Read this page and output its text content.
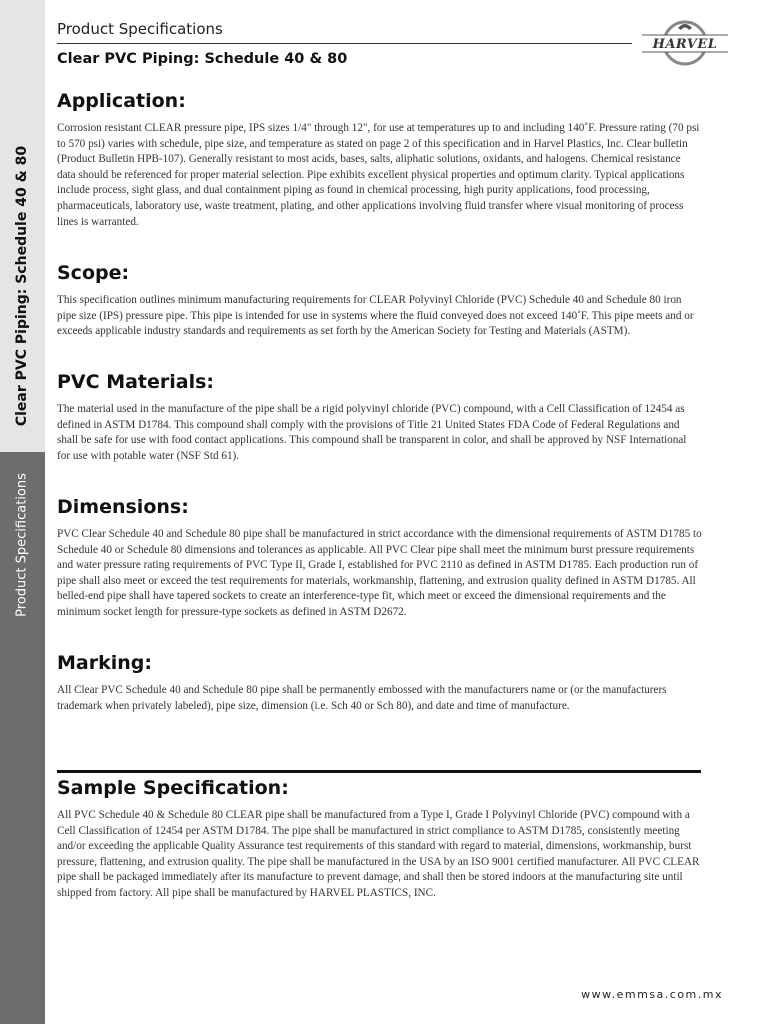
Clear PVC Piping: Schedule 40 & 80
Product Specifications
Product Specifications
Clear PVC Piping: Schedule 40 & 80
HARVEL
Application:

Corrosion resistant CLEAR pressure pipe, IPS sizes 1/4" through 12", for use at temperatures up to and including 140˚F. Pressure rating (70 psi to 570 psi) varies with schedule, pipe size, and temperature as stated on page 2 of this specification and in Harvel Plastics, Inc. Clear bulletin (Product Bulletin HPB-107). Generally resistant to most acids, bases, salts, aliphatic solutions, oxidants, and halogens. Chemical resistance data should be referenced for proper material selection. Pipe exhibits excellent physical properties and optimum clarity. Typical applications include process, sight glass, and dual containment piping as found in chemical processing, high purity applications, food processing, pharmaceuticals, laboratory use, waste treatment, plating, and other applications involving fluid transfer where visual monitoring of process lines is warranted.

Scope:

This specification outlines minimum manufacturing requirements for CLEAR Polyvinyl Chloride (PVC) Schedule 40 and Schedule 80 iron pipe size (IPS) pressure pipe. This pipe is intended for use in systems where the fluid conveyed does not exceed 140˚F. This pipe meets and or exceeds applicable industry standards and requirements as set forth by the American Society for Testing and Materials (ASTM).

PVC Materials:

The material used in the manufacture of the pipe shall be a rigid polyvinyl chloride (PVC) compound, with a Cell Classification of 12454 as defined in ASTM D1784. This compound shall comply with the provisions of Title 21 United States FDA Code of Federal Regulations and shall be safe for use with food contact applications. This compound shall be transparent in color, and shall be approved by NSF International for use with potable water (NSF Std 61).

Dimensions:

PVC Clear Schedule 40 and Schedule 80 pipe shall be manufactured in strict accordance with the dimensional requirements of ASTM D1785 to Schedule 40 or Schedule 80 dimensions and tolerances as applicable. All PVC Clear pipe shall meet the minimum burst pressure requirements and water pressure rating requirements of PVC Type II, Grade I, established for PVC 2110 as defined in ASTM D1785. Each production run of pipe shall also meet or exceed the test requirements for materials, workmanship, flattening, and extrusion quality defined in ASTM D1785. All belled-end pipe shall have tapered sockets to create an interference-type fit, which meet or exceed the dimensional requirements and the minimum socket length for pressure-type sockets as defined in ASTM D2672.

Marking:

All Clear PVC Schedule 40 and Schedule 80 pipe shall be permanently embossed with the manufacturers name or (or the manufacturers trademark when privately labeled), pipe size, dimension (i.e. Sch 40 or Sch 80), and date and time of manufacture.

Sample Specification:

All PVC Schedule 40 & Schedule 80 CLEAR pipe shall be manufactured from a Type I, Grade I Polyvinyl Chloride (PVC) compound with a Cell Classification of 12454 per ASTM D1784. The pipe shall be manufactured in strict compliance to ASTM D1785, consistently meeting and/or exceeding the applicable Quality Assurance test requirements of this standard with regard to material, dimensions, workmanship, burst pressure, flattening, and extrusion quality. The pipe shall be manufactured in the USA by an ISO 9001 certified manufacturer. All PVC CLEAR pipe shall be packaged immediately after its manufacture to prevent damage, and shall then be stored indoors at the manufacturing site until shipped from factory. All pipe shall be manufactured by HARVEL PLASTICS, INC.

www.emmsa.com.mx
